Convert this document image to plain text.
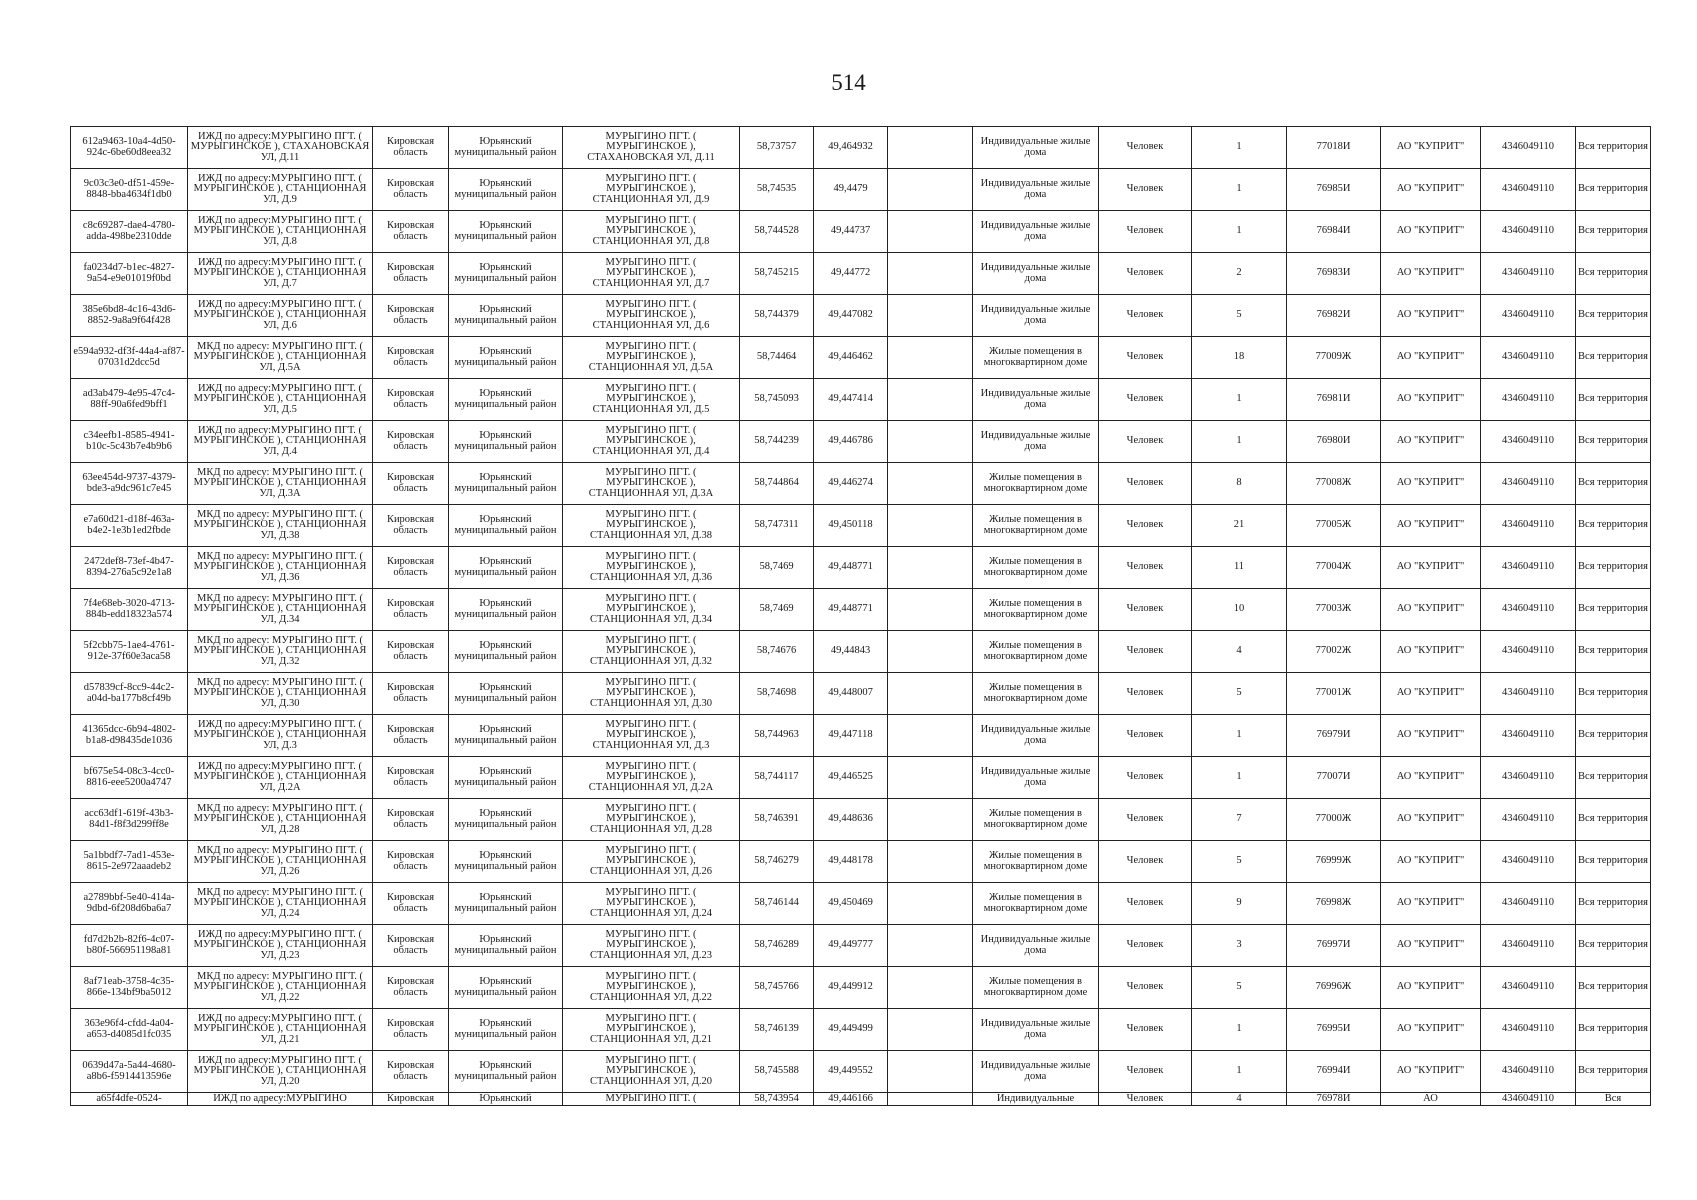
514
612a9463-10a4-4d50-924c-6be60d8eea32	ИЖД по адресу:МУРЫГИНО ПГТ. ( МУРЫГИНСКОЕ ), СТАХАНОВСКАЯ УЛ, Д.11	Кировская область	Юрьянский муниципальный район	МУРЫГИНО ПГТ. ( МУРЫГИНСКОЕ ), СТАХАНОВСКАЯ УЛ, Д.11	58,73757	49,464932		Индивидуальные жилые дома	Человек	1	77018И	АО "КУПРИТ"	4346049110	Вся территория
9c03c3e0-df51-459e-8848-bba4634f1db0	ИЖД по адресу:МУРЫГИНО ПГТ. ( МУРЫГИНСКОЕ ), СТАНЦИОННАЯ УЛ, Д.9	Кировская область	Юрьянский муниципальный район	МУРЫГИНО ПГТ. ( МУРЫГИНСКОЕ ), СТАНЦИОННАЯ УЛ, Д.9	58,74535	49,4479		Индивидуальные жилые дома	Человек	1	76985И	АО "КУПРИТ"	4346049110	Вся территория
c8c69287-dae4-4780-adda-498be2310dde	ИЖД по адресу:МУРЫГИНО ПГТ. ( МУРЫГИНСКОЕ ), СТАНЦИОННАЯ УЛ, Д.8	Кировская область	Юрьянский муниципальный район	МУРЫГИНО ПГТ. ( МУРЫГИНСКОЕ ), СТАНЦИОННАЯ УЛ, Д.8	58,744528	49,44737		Индивидуальные жилые дома	Человек	1	76984И	АО "КУПРИТ"	4346049110	Вся территория
fa0234d7-b1ec-4827-9a54-e9e01019f0bd	ИЖД по адресу:МУРЫГИНО ПГТ. ( МУРЫГИНСКОЕ ), СТАНЦИОННАЯ УЛ, Д.7	Кировская область	Юрьянский муниципальный район	МУРЫГИНО ПГТ. ( МУРЫГИНСКОЕ ), СТАНЦИОННАЯ УЛ, Д.7	58,745215	49,44772		Индивидуальные жилые дома	Человек	2	76983И	АО "КУПРИТ"	4346049110	Вся территория
385e6bd8-4c16-43d6-8852-9a8a9f64f428	ИЖД по адресу:МУРЫГИНО ПГТ. ( МУРЫГИНСКОЕ ), СТАНЦИОННАЯ УЛ, Д.6	Кировская область	Юрьянский муниципальный район	МУРЫГИНО ПГТ. ( МУРЫГИНСКОЕ ), СТАНЦИОННАЯ УЛ, Д.6	58,744379	49,447082		Индивидуальные жилые дома	Человек	5	76982И	АО "КУПРИТ"	4346049110	Вся территория
e594a932-df3f-44a4-af87-07031d2dcc5d	МКД по адресу: МУРЫГИНО ПГТ. ( МУРЫГИНСКОЕ ), СТАНЦИОННАЯ УЛ, Д.5А	Кировская область	Юрьянский муниципальный район	МУРЫГИНО ПГТ. ( МУРЫГИНСКОЕ ), СТАНЦИОННАЯ УЛ, Д.5А	58,74464	49,446462		Жилые помещения в многоквартирном доме	Человек	18	77009Ж	АО "КУПРИТ"	4346049110	Вся территория
ad3ab479-4e95-47c4-88ff-90a6fed9bff1	ИЖД по адресу:МУРЫГИНО ПГТ. ( МУРЫГИНСКОЕ ), СТАНЦИОННАЯ УЛ, Д.5	Кировская область	Юрьянский муниципальный район	МУРЫГИНО ПГТ. ( МУРЫГИНСКОЕ ), СТАНЦИОННАЯ УЛ, Д.5	58,745093	49,447414		Индивидуальные жилые дома	Человек	1	76981И	АО "КУПРИТ"	4346049110	Вся территория
c34eefb1-8585-4941-b10c-5c43b7e4b9b6	ИЖД по адресу:МУРЫГИНО ПГТ. ( МУРЫГИНСКОЕ ), СТАНЦИОННАЯ УЛ, Д.4	Кировская область	Юрьянский муниципальный район	МУРЫГИНО ПГТ. ( МУРЫГИНСКОЕ ), СТАНЦИОННАЯ УЛ, Д.4	58,744239	49,446786		Индивидуальные жилые дома	Человек	1	76980И	АО "КУПРИТ"	4346049110	Вся территория
63ee454d-9737-4379-bde3-a9dc961c7e45	МКД по адресу: МУРЫГИНО ПГТ. ( МУРЫГИНСКОЕ ), СТАНЦИОННАЯ УЛ, Д.3А	Кировская область	Юрьянский муниципальный район	МУРЫГИНО ПГТ. ( МУРЫГИНСКОЕ ), СТАНЦИОННАЯ УЛ, Д.3А	58,744864	49,446274		Жилые помещения в многоквартирном доме	Человек	8	77008Ж	АО "КУПРИТ"	4346049110	Вся территория
e7a60d21-d18f-463a-b4e2-1e3b1ed2fbde	МКД по адресу: МУРЫГИНО ПГТ. ( МУРЫГИНСКОЕ ), СТАНЦИОННАЯ УЛ, Д.38	Кировская область	Юрьянский муниципальный район	МУРЫГИНО ПГТ. ( МУРЫГИНСКОЕ ), СТАНЦИОННАЯ УЛ, Д.38	58,747311	49,450118		Жилые помещения в многоквартирном доме	Человек	21	77005Ж	АО "КУПРИТ"	4346049110	Вся территория
2472def8-73ef-4b47-8394-276a5c92e1a8	МКД по адресу: МУРЫГИНО ПГТ. ( МУРЫГИНСКОЕ ), СТАНЦИОННАЯ УЛ, Д.36	Кировская область	Юрьянский муниципальный район	МУРЫГИНО ПГТ. ( МУРЫГИНСКОЕ ), СТАНЦИОННАЯ УЛ, Д.36	58,7469	49,448771		Жилые помещения в многоквартирном доме	Человек	11	77004Ж	АО "КУПРИТ"	4346049110	Вся территория
7f4e68eb-3020-4713-884b-edd18323a574	МКД по адресу: МУРЫГИНО ПГТ. ( МУРЫГИНСКОЕ ), СТАНЦИОННАЯ УЛ, Д.34	Кировская область	Юрьянский муниципальный район	МУРЫГИНО ПГТ. ( МУРЫГИНСКОЕ ), СТАНЦИОННАЯ УЛ, Д.34	58,7469	49,448771		Жилые помещения в многоквартирном доме	Человек	10	77003Ж	АО "КУПРИТ"	4346049110	Вся территория
5f2cbb75-1ae4-4761-912e-37f60e3aca58	МКД по адресу: МУРЫГИНО ПГТ. ( МУРЫГИНСКОЕ ), СТАНЦИОННАЯ УЛ, Д.32	Кировская область	Юрьянский муниципальный район	МУРЫГИНО ПГТ. ( МУРЫГИНСКОЕ ), СТАНЦИОННАЯ УЛ, Д.32	58,74676	49,44843		Жилые помещения в многоквартирном доме	Человек	4	77002Ж	АО "КУПРИТ"	4346049110	Вся территория
d57839cf-8cc9-44c2-a04d-ba177b8cf49b	МКД по адресу: МУРЫГИНО ПГТ. ( МУРЫГИНСКОЕ ), СТАНЦИОННАЯ УЛ, Д.30	Кировская область	Юрьянский муниципальный район	МУРЫГИНО ПГТ. ( МУРЫГИНСКОЕ ), СТАНЦИОННАЯ УЛ, Д.30	58,74698	49,448007		Жилые помещения в многоквартирном доме	Человек	5	77001Ж	АО "КУПРИТ"	4346049110	Вся территория
41365dcc-6b94-4802-b1a8-d98435de1036	ИЖД по адресу:МУРЫГИНО ПГТ. ( МУРЫГИНСКОЕ ), СТАНЦИОННАЯ УЛ, Д.3	Кировская область	Юрьянский муниципальный район	МУРЫГИНО ПГТ. ( МУРЫГИНСКОЕ ), СТАНЦИОННАЯ УЛ, Д.3	58,744963	49,447118		Индивидуальные жилые дома	Человек	1	76979И	АО "КУПРИТ"	4346049110	Вся территория
bf675e54-08c3-4cc0-8816-eee5200a4747	ИЖД по адресу:МУРЫГИНО ПГТ. ( МУРЫГИНСКОЕ ), СТАНЦИОННАЯ УЛ, Д.2А	Кировская область	Юрьянский муниципальный район	МУРЫГИНО ПГТ. ( МУРЫГИНСКОЕ ), СТАНЦИОННАЯ УЛ, Д.2А	58,744117	49,446525		Индивидуальные жилые дома	Человек	1	77007И	АО "КУПРИТ"	4346049110	Вся территория
acc63df1-619f-43b3-84d1-f8f3d299ff8e	МКД по адресу: МУРЫГИНО ПГТ. ( МУРЫГИНСКОЕ ), СТАНЦИОННАЯ УЛ, Д.28	Кировская область	Юрьянский муниципальный район	МУРЫГИНО ПГТ. ( МУРЫГИНСКОЕ ), СТАНЦИОННАЯ УЛ, Д.28	58,746391	49,448636		Жилые помещения в многоквартирном доме	Человек	7	77000Ж	АО "КУПРИТ"	4346049110	Вся территория
5a1bbdf7-7ad1-453e-8615-2e972aaadeb2	МКД по адресу: МУРЫГИНО ПГТ. ( МУРЫГИНСКОЕ ), СТАНЦИОННАЯ УЛ, Д.26	Кировская область	Юрьянский муниципальный район	МУРЫГИНО ПГТ. ( МУРЫГИНСКОЕ ), СТАНЦИОННАЯ УЛ, Д.26	58,746279	49,448178		Жилые помещения в многоквартирном доме	Человек	5	76999Ж	АО "КУПРИТ"	4346049110	Вся территория
a2789bbf-5e40-414a-9dbd-6f208d6ba6a7	МКД по адресу: МУРЫГИНО ПГТ. ( МУРЫГИНСКОЕ ), СТАНЦИОННАЯ УЛ, Д.24	Кировская область	Юрьянский муниципальный район	МУРЫГИНО ПГТ. ( МУРЫГИНСКОЕ ), СТАНЦИОННАЯ УЛ, Д.24	58,746144	49,450469		Жилые помещения в многоквартирном доме	Человек	9	76998Ж	АО "КУПРИТ"	4346049110	Вся территория
fd7d2b2b-82f6-4c07-b80f-566951198a81	ИЖД по адресу:МУРЫГИНО ПГТ. ( МУРЫГИНСКОЕ ), СТАНЦИОННАЯ УЛ, Д.23	Кировская область	Юрьянский муниципальный район	МУРЫГИНО ПГТ. ( МУРЫГИНСКОЕ ), СТАНЦИОННАЯ УЛ, Д.23	58,746289	49,449777		Индивидуальные жилые дома	Человек	3	76997И	АО "КУПРИТ"	4346049110	Вся территория
8af71eab-3758-4c35-866e-134bf9ba5012	МКД по адресу: МУРЫГИНО ПГТ. ( МУРЫГИНСКОЕ ), СТАНЦИОННАЯ УЛ, Д.22	Кировская область	Юрьянский муниципальный район	МУРЫГИНО ПГТ. ( МУРЫГИНСКОЕ ), СТАНЦИОННАЯ УЛ, Д.22	58,745766	49,449912		Жилые помещения в многоквартирном доме	Человек	5	76996Ж	АО "КУПРИТ"	4346049110	Вся территория
363e96f4-cfdd-4a04-a653-d4085d1fc035	ИЖД по адресу:МУРЫГИНО ПГТ. ( МУРЫГИНСКОЕ ), СТАНЦИОННАЯ УЛ, Д.21	Кировская область	Юрьянский муниципальный район	МУРЫГИНО ПГТ. ( МУРЫГИНСКОЕ ), СТАНЦИОННАЯ УЛ, Д.21	58,746139	49,449499		Индивидуальные жилые дома	Человек	1	76995И	АО "КУПРИТ"	4346049110	Вся территория
0639d47a-5a44-4680-a8b6-f5914413596e	ИЖД по адресу:МУРЫГИНО ПГТ. ( МУРЫГИНСКОЕ ), СТАНЦИОННАЯ УЛ, Д.20	Кировская область	Юрьянский муниципальный район	МУРЫГИНО ПГТ. ( МУРЫГИНСКОЕ ), СТАНЦИОННАЯ УЛ, Д.20	58,745588	49,449552		Индивидуальные жилые дома	Человек	1	76994И	АО "КУПРИТ"	4346049110	Вся территория

a65f4dfe-0524-	ИЖД по адресу:МУРЫГИНО	Кировская	Юрьянский	МУРЫГИНО ПГТ. (	58,743954	49,446166		Индивидуальные	Человек	4	76978И	АО	4346049110	Вся
